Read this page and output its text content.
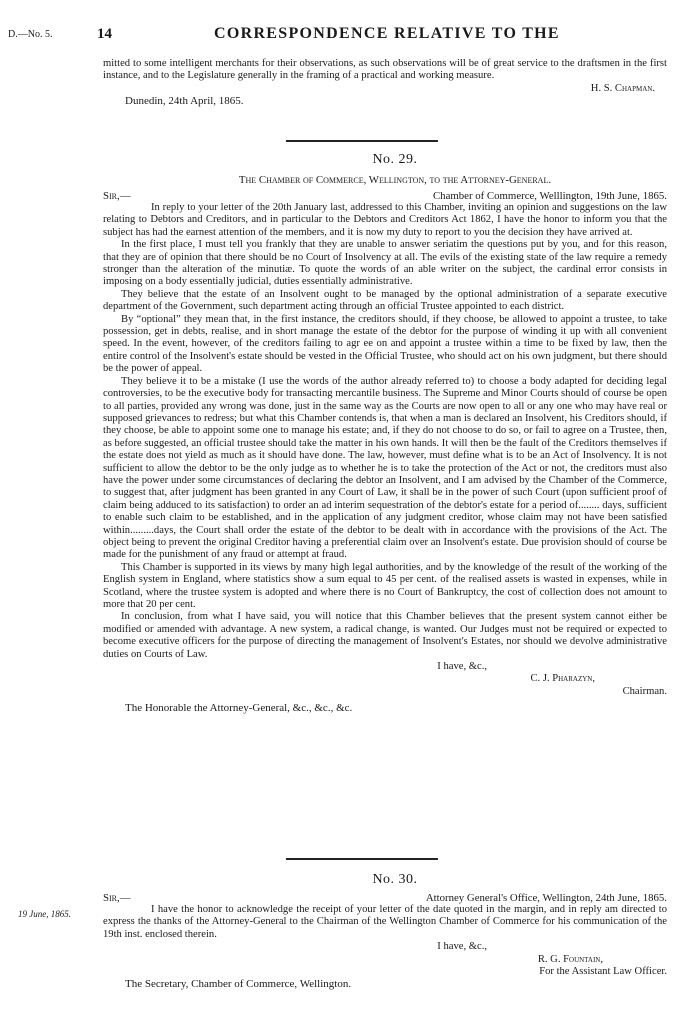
D.—No. 5.	14	CORRESPONDENCE RELATIVE TO THE

mitted to some intelligent merchants for their observations, as such observations will be of great service to the draftsmen in the first instance, and to the Legislature generally in the framing of a practical and working measure.

H. S. Chapman.

Dunedin, 24th April, 1865.

No. 29.
The Chamber of Commerce, Wellington, to the Attorney-General.
Sir,—	Chamber of Commerce, Welllington, 19th June, 1865.

In reply to your letter of the 20th January last, addressed to this Chamber, inviting an opinion and suggestions on the law relating to Debtors and Creditors, and in particular to the Debtors and Creditors Act 1862, I have the honor to inform you that the subject has had the earnest attention of the members, and it is now my duty to report to you the decision they have arrived at.

In the first place, I must tell you frankly that they are unable to answer seriatim the questions put by you, and for this reason, that they are of opinion that there should be no Court of Insolvency at all. The evils of the existing state of the law require a remedy stronger than the alteration of the minutiæ. To quote the words of an able writer on the subject, the cardinal error consists in imposing on a body essentially judicial, duties essentially administrative.

They believe that the estate of an Insolvent ought to be managed by the optional administration of a separate executive department of the Government, such department acting through an official Trustee appointed to each district.

By “optional” they mean that, in the first instance, the creditors should, if they choose, be allowed to appoint a trustee, to take possession, get in debts, realise, and in short manage the estate of the debtor for the purpose of winding it up with all convenient speed. In the event, however, of the creditors failing to agr ee on and appoint a trustee within a time to be fixed by law, then the entire control of the Insolvent's estate should be vested in the Official Trustee, who should act on his own judgment, but there should be the power of appeal.

They believe it to be a mistake (I use the words of the author already referred to) to choose a body adapted for deciding legal controversies, to be the executive body for transacting mercantile business. The Supreme and Minor Courts should of course be open to all parties, provided any wrong was done, just in the same way as the Courts are now open to all or any one who may have real or supposed grievances to redress; but what this Chamber contends is, that when a man is declared an Insolvent, his Creditors should, if they choose, be able to appoint some one to manage his estate; and, if they do not choose to do so, or fail to agree on a Trustee, then, as before suggested, an official trustee should take the matter in his own hands. It will then be the fault of the Creditors themselves if the estate does not yield as much as it should have done. The law, however, must define what is to be an Act of Insolvency. It is not sufficient to allow the debtor to be the only judge as to whether he is to take the protection of the Act or not, the creditors must also have the power under some circumstances of declaring the debtor an Insolvent, and I am advised by the Chamber of the Commerce, to suggest that, after judgment has been granted in any Court of Law, it shall be in the power of such Court (upon sufficient proof of claim being adduced to its satisfaction) to order an ad interim sequestration of the debtor's estate for a period of........ days, sufficient to enable such claim to be established, and in the application of any judgment creditor, whose claim may not have been satisfied within.........days, the Court shall order the estate of the debtor to be dealt with in accordance with the provisions of the Act. The object being to prevent the original Creditor having a preferential claim over an Insolvent's estate. Due provision should of course be made for the punishment of any fraud or attempt at fraud.

This Chamber is supported in its views by many high legal authorities, and by the knowledge of the result of the working of the English system in England, where statistics show a sum equal to 45 per cent. of the realised assets is wasted in expenses, while in Scotland, where the trustee system is adopted and where there is no Court of Bankruptcy, the cost of collection does not amount to more that 20 per cent.

In conclusion, from what I have said, you will notice that this Chamber believes that the present system cannot either be modified or amended with advantage. A new system, a radical change, is wanted. Our Judges must not be required or expected to become executive officers for the purpose of directing the management of Insolvent's Estates, nor should we devolve administrative duties on Courts of Law.

I have, &c.,

C. J. Pharazyn,

Chairman.

The Honorable the Attorney-General, &c., &c., &c.

19 June, 1865.
No. 30.
Sir,—	Attorney General's Office, Wellington, 24th June, 1865.

I have the honor to acknowledge the receipt of your letter of the date quoted in the margin, and in reply am directed to express the thanks of the Attorney-General to the Chairman of the Wellington Chamber of Commerce for his communication of the 19th inst. enclosed therein.

I have, &c.,

R. G. Fountain,

For the Assistant Law Officer.

The Secretary, Chamber of Commerce, Wellington.
